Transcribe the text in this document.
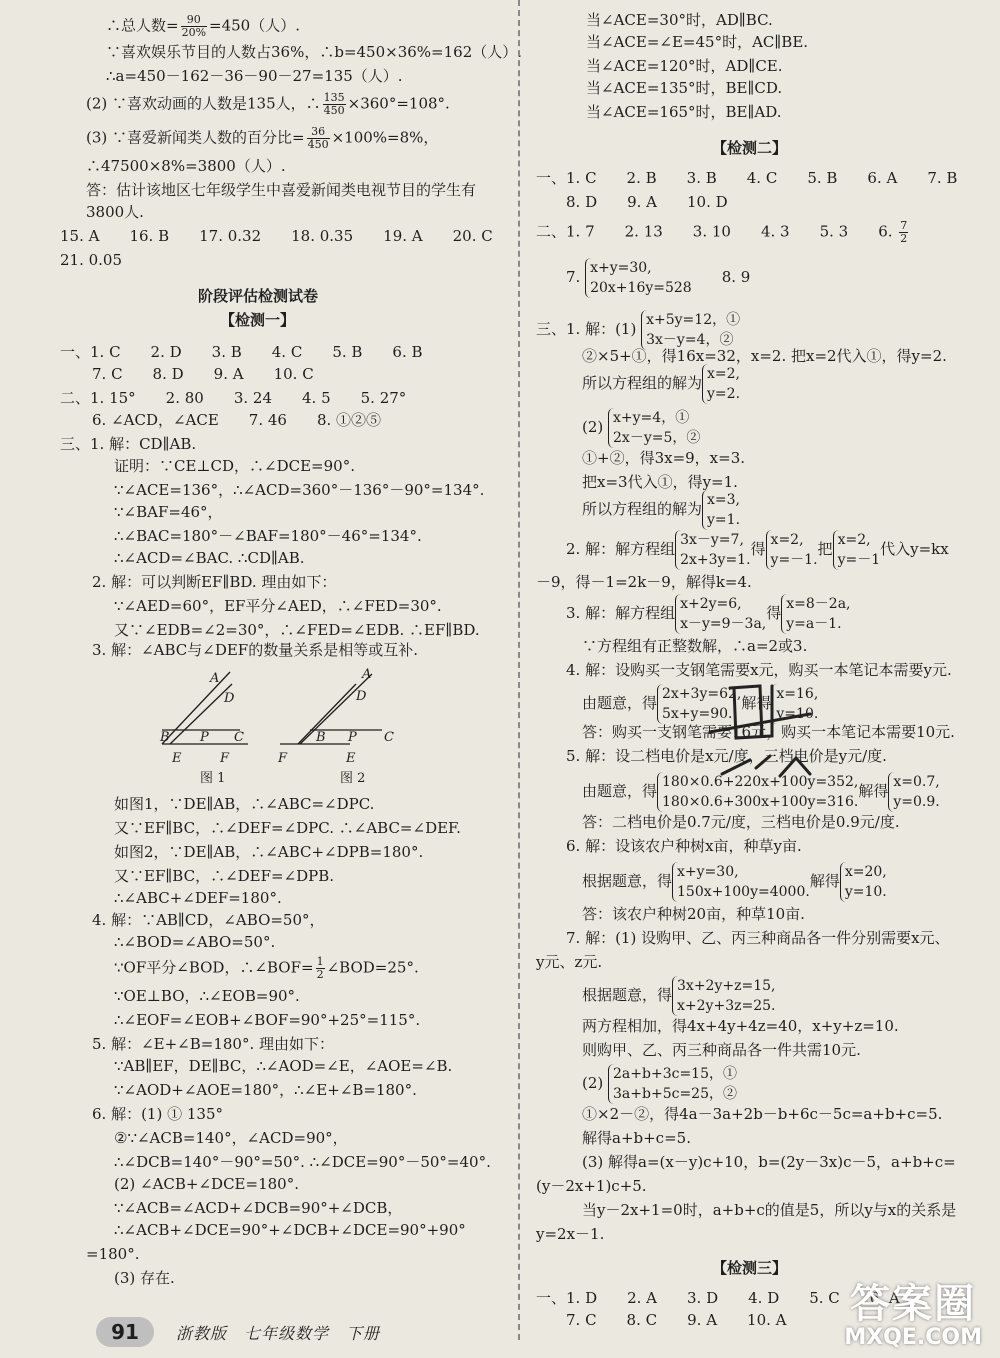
∴总人数= $\frac{90}{20\%} =450$（人）.
∵喜欢娱乐节目的人数占36%，∴b=450×36%=162（人）.
∴a=450－162－36－90－27=135（人）.
(2) ∵喜欢动画的人数是135人，∴ $\frac{135}{450} \times 360^\circ=108^\circ$.
(3) ∵喜爱新闻类人数的百分比= $\frac{36}{450} \times 100\%=8\%$，
∴47500×8%=3800（人）.
答：估计该地区七年级学生中喜爱新闻类电视节目的学生有
3800人.
15. A　　16. B　　17. 0.32　　18. 0.35　　19. A　　20. C
21. 0.05
阶段评估检测试卷
【检测一】
一、1. C　　2. D　　3. B　　4. C　　5. B　　6. B
7. C　　8. D　　9. A　　10. C
二、1. 15°　　2. 80　　3. 24　　4. 5　　5. 27°
6. ∠ACD，∠ACE　　7. 46　　8. ①②⑤
三、1. 解：CD∥AB.
证明：∵CE⊥CD，∴∠DCE=90°.
∵∠ACE=136°，∴∠ACD=360°－136°－90°=134°.
∵∠BAF=46°，
∴∠BAC=180°－∠BAF=180°－46°=134°.
∴∠ACD=∠BAC. ∴CD∥AB.
2. 解：可以判断EF∥BD. 理由如下：
∵∠AED=60°，EF平分∠AED，∴∠FED=30°.
又∵∠EDB=∠2=30°，∴∠FED=∠EDB. ∴EF∥BD.
3. 解：∠ABC与∠DEF的数量关系是相等或互补.
如图1，∵DE∥AB，∴∠ABC=∠DPC.
又∵EF∥BC，∴∠DEF=∠DPC. ∴∠ABC=∠DEF.
如图2，∵DE∥AB，∴∠ABC+∠DPB=180°.
又∵EF∥BC，∴∠DEF=∠DPB.
∴∠ABC+∠DEF=180°.
4. 解：∵AB∥CD，∠ABO=50°，
∴∠BOD=∠ABO=50°.
∵OF平分∠BOD，∴∠BOF= $\frac{1}{2}$ ∠BOD=25°.
∵OE⊥BO，∴∠EOB=90°.
∴∠EOF=∠EOB+∠BOF=90°+25°=115°.
5. 解：∠E+∠B=180°. 理由如下：
∵AB∥EF，DE∥BC，∴∠AOD=∠E，∠AOE=∠B.
∵∠AOD+∠AOE=180°，∴∠E+∠B=180°.
6. 解：(1) ① 135°
②∵∠ACB=140°，∠ACD=90°，
∴∠DCB=140°－90°=50°. ∴∠DCE=90°－50°=40°.
(2) ∠ACB+∠DCE=180°.
∵∠ACB=∠ACD+∠DCB=90°+∠DCB，
∴∠ACB+∠DCE=90°+∠DCB+∠DCE=90°+90°
=180°.
(3) 存在.
当∠ACE=30°时，AD∥BC.
当∠ACE=∠E=45°时，AC∥BE.
当∠ACE=120°时，AD∥CE.
当∠ACE=135°时，BE∥CD.
当∠ACE=165°时，BE∥AD.
【检测二】
一、1. C　　2. B　　3. B　　4. C　　5. B　　6. A　　7. B
8. D　　9. A　　10. D
二、1. 7　　2. 13　　3. 10　　4. 3　　5. 3　　6. $\frac{7}{2}$
7. x+y=30,
20x+16y=528
　　8. 9
三、1. 解：(1) x+5y=12，①
3x－y=4，②
②×5+①，得16x=32，x=2. 把x=2代入①，得y=2.
所以方程组的解为 x=2,
y=2.
(2) x+y=4，①
2x－y=5，②
①+②，得3x=9，x=3.
把x=3代入①，得y=1.
所以方程组的解为 x=3,
y=1.
2. 解：解方程组 3x－y=7,
2x+3y=1.
得 x=2,
y=－1.
把 x=2,
y=－1
代入y=kx
－9，得－1=2k－9，解得k=4.
3. 解：解方程组 x+2y=6,
x－y=9－3a,
得 x=8－2a,
y=a－1.
∵方程组有正整数解，∴a=2或3.
4. 解：设购买一支钢笔需要x元，购买一本笔记本需要y元.
由题意，得 2x+3y=62,
5x+y=90.
解得 x=16,
y=10.
答：购买一支钢笔需要16元，购买一本笔记本需要10元.
5. 解：设二档电价是x元/度，三档电价是y元/度.
由题意，得 180×0.6+220x+100y=352,
180×0.6+300x+100y=316.
解得 x=0.7,
y=0.9.
答：二档电价是0.7元/度，三档电价是0.9元/度.
6. 解：设该农户种树x亩，种草y亩.
根据题意，得 x+y=30,
150x+100y=4000.
解得 x=20,
y=10.
答：该农户种树20亩，种草10亩.
7. 解：(1) 设购甲、乙、丙三种商品各一件分别需要x元、
y元、z元.
根据题意，得 3x+2y+z=15,
x+2y+3z=25.
两方程相加，得4x+4y+4z=40，x+y+z=10.
则购甲、乙、丙三种商品各一件共需10元.
(2) 2a+b+3c=15，①
3a+b+5c=25，②
①×2－②，得4a－3a+2b－b+6c－5c=a+b+c=5.
解得a+b+c=5.
(3) 解得a=(x－y)c+10，b=(2y－3x)c－5，a+b+c=
(y－2x+1)c+5.
当y－2x+1=0时，a+b+c的值是5，所以y与x的关系是
y=2x－1.
【检测三】
一、1. D　　2. A　　3. D　　4. D　　5. C　　6. A
7. C　　8. C　　9. A　　10. A
A
D
B P C
E	F
图 1
A
D
B P C
E
F
图 2
91	浙教版　七年级数学　下册
答案圈
MXQE.COM
